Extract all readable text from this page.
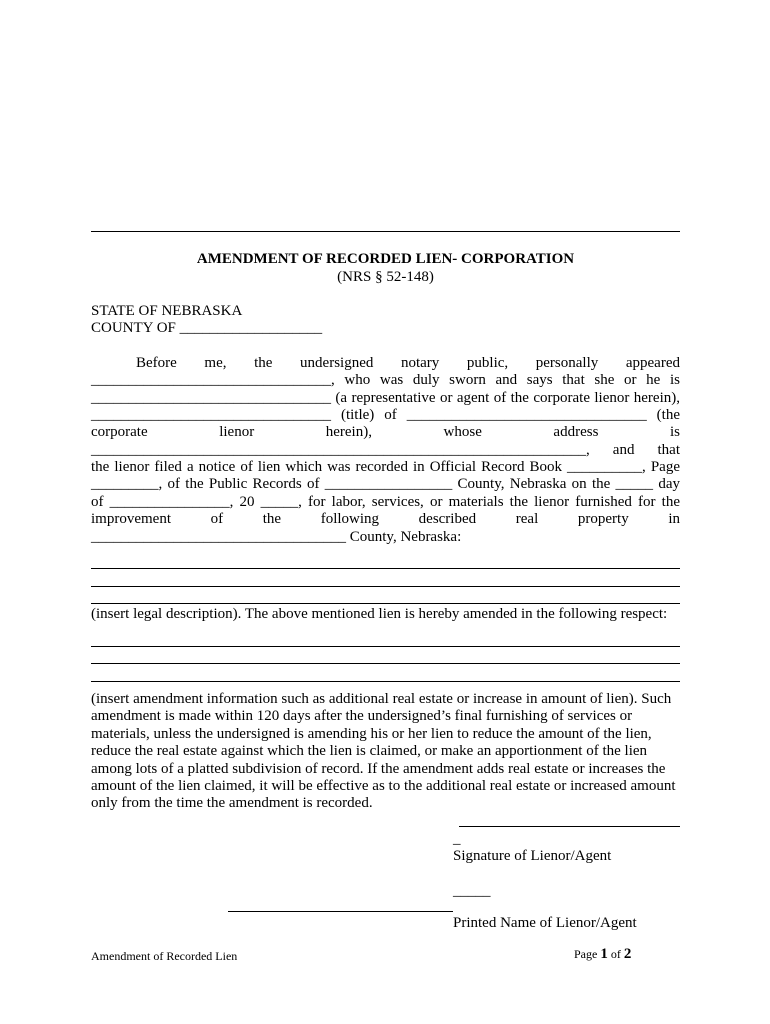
AMENDMENT OF RECORDED LIEN- CORPORATION
(NRS § 52-148)
STATE OF NEBRASKA
COUNTY OF ___________________
Before me, the undersigned notary public, personally appeared
________________________________, who was duly sworn and says that she or he is
________________________________ (a representative or agent of the corporate lienor herein),
________________________________ (title) of ________________________________ (the
corporate lienor herein), whose address is
__________________________________________________________________, and that
the lienor filed a notice of lien which was recorded in Official Record Book __________, Page
_________, of the Public Records of _________________ County, Nebraska on the _____ day
of ________________, 20 _____, for labor, services, or materials the lienor furnished for the
improvement of the following described real property in
__________________________________ County, Nebraska:
(insert legal description). The above mentioned lien is hereby amended in the following respect:
(insert amendment information such as additional real estate or increase in amount of lien). Such amendment is made within 120 days after the undersigned’s final furnishing of services or materials, unless the undersigned is amending his or her lien to reduce the amount of the lien, reduce the real estate against which the lien is claimed, or make an apportionment of the lien among lots of a platted subdivision of record. If the amendment adds real estate or increases the amount of the lien claimed, it will be effective as to the additional real estate or increased amount only from the time the amendment is recorded.
_
Signature of Lienor/Agent
_____
Printed Name of Lienor/Agent
Amendment of Recorded Lien	Page 1 of 2
